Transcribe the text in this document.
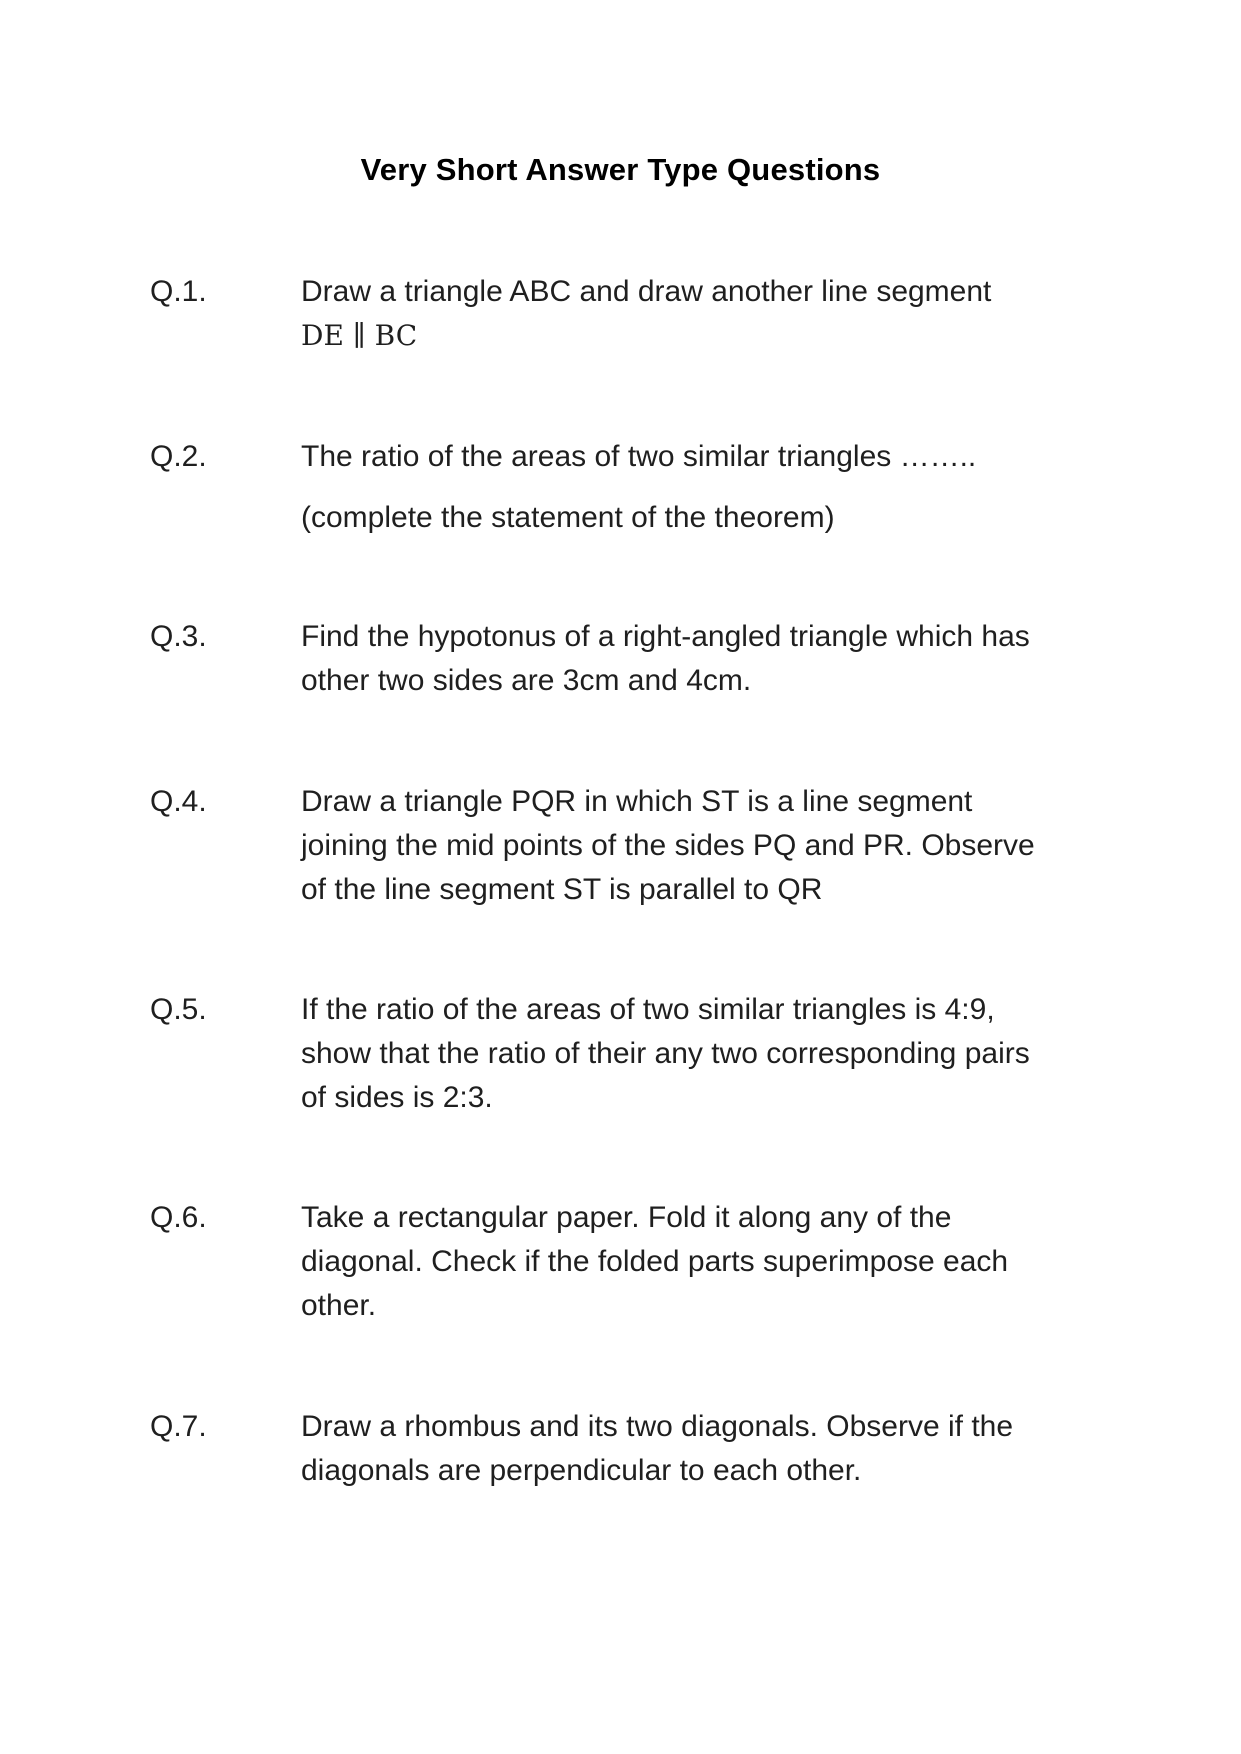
Very Short Answer Type Questions
Q.1.	Draw a triangle ABC and draw another line segment
DE ∥ BC
Q.2.	The ratio of the areas of two similar triangles ……..
(complete the statement of the theorem)
Q.3.	Find the hypotonus of a right-angled triangle which has
other two sides are 3cm and 4cm.
Q.4.	Draw a triangle PQR in which ST is a line segment
joining the mid points of the sides PQ and PR. Observe
of the line segment ST is parallel to QR
Q.5.	If the ratio of the areas of two similar triangles is 4:9,
show that the ratio of their any two corresponding pairs
of sides is 2:3.
Q.6.	Take a rectangular paper. Fold it along any of the
diagonal. Check if the folded parts superimpose each
other.
Q.7.	Draw a rhombus and its two diagonals. Observe if the
diagonals are perpendicular to each other.
